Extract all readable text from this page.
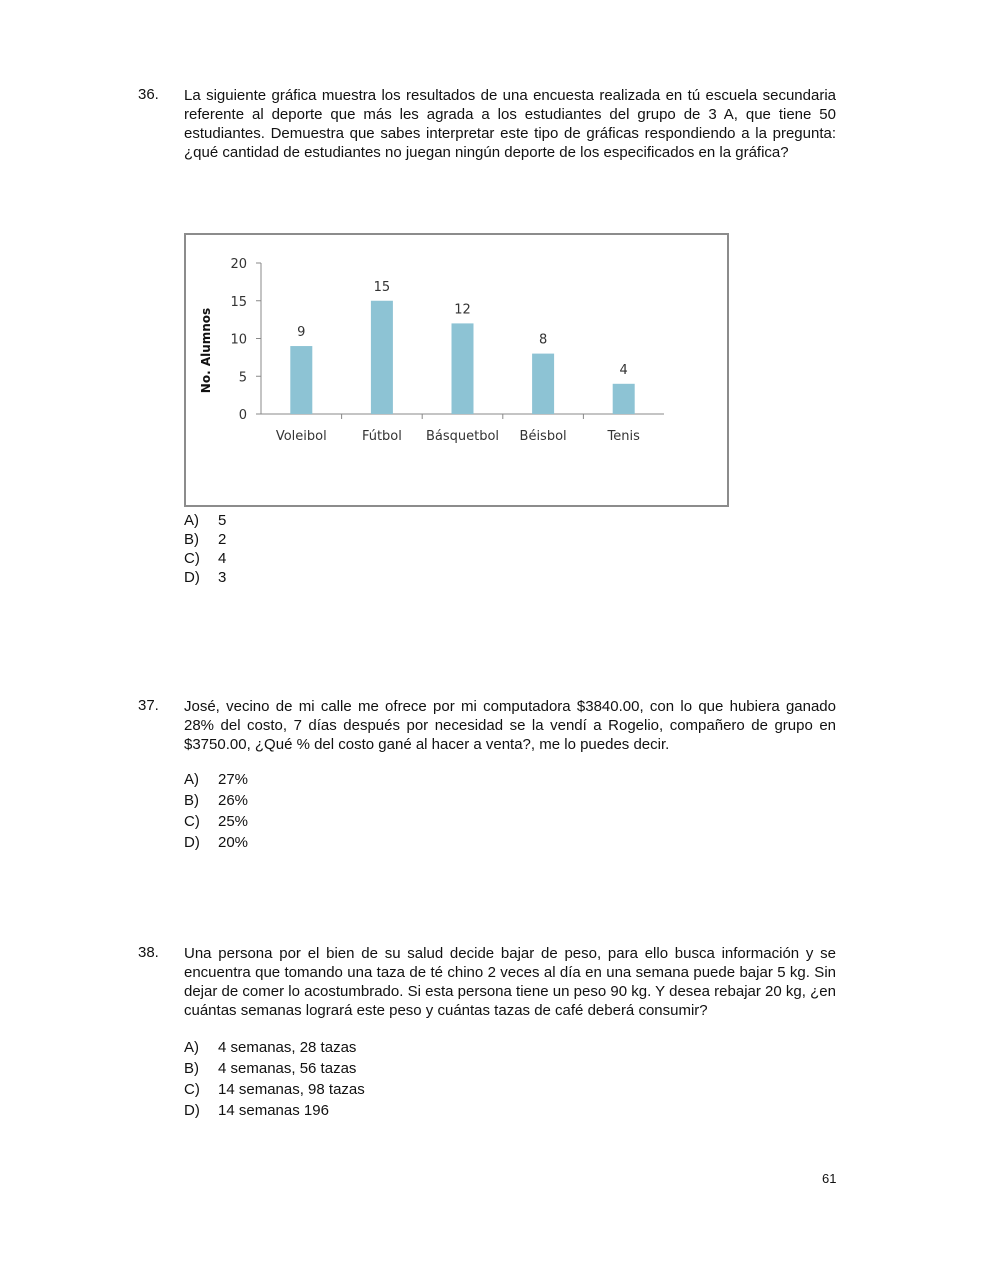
36. La siguiente gráfica muestra los resultados de una encuesta realizada en tú escuela secundaria referente al deporte que más les agrada a los estudiantes del grupo de 3 A, que tiene 50 estudiantes. Demuestra que sabes interpretar este tipo de gráficas respondiendo a la pregunta: ¿qué cantidad de estudiantes no juegan ningún deporte de los especificados en la gráfica?
0
5
10
15
20
No. Alumnos	9
Voleibol
15
Fútbol
12
Básquetbol
8
Béisbol
4
Tenis
A)	5
B)	2
C)	4
D)	3
37. José, vecino de mi calle me ofrece por mi computadora $3840.00, con lo que hubiera ganado 28% del costo, 7 días después por necesidad se la vendí a Rogelio, compañero de grupo en $3750.00, ¿Qué % del costo gané al hacer a venta?, me lo puedes decir.
A)	27%
B)	26%
C)	25%
D)	20%
38. Una persona por el bien de su salud decide bajar de peso, para ello busca información y se encuentra que tomando una taza de té chino 2 veces al día en una semana puede bajar 5 kg. Sin dejar de comer lo acostumbrado. Si esta persona tiene un peso 90 kg. Y desea rebajar 20 kg, ¿en cuántas semanas logrará este peso y cuántas tazas de café deberá consumir?
A)	4 semanas, 28 tazas
B)	4 semanas, 56 tazas
C)	14 semanas, 98 tazas
D)	14 semanas 196
61
